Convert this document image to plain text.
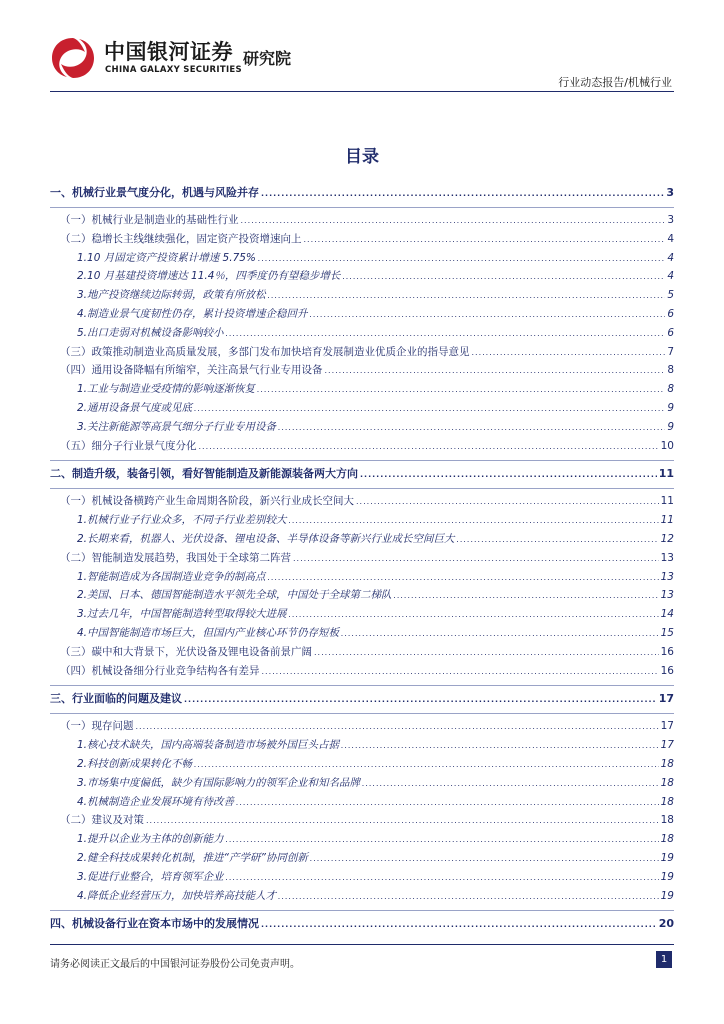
中国银河证券
CHINA GALAXY SECURITIES
研究院
行业动态报告/机械行业
目录
一、机械行业景气度分化，机遇与风险并存 .....	3
（一）机械行业是制造业的基础性行业 .....	3
（二）稳增长主线继续强化，固定资产投资增速向上 .....	4
1.10 月固定资产投资累计增速 5.75% .....	4
2.10 月基建投资增速达 11.4％，四季度仍有望稳步增长 .....	4
3.地产投资继续边际转弱，政策有所放松 .....	5
4.制造业景气度韧性仍存，累计投资增速企稳回升 .....	6
5.出口走弱对机械设备影响较小 .....	6
（三）政策推动制造业高质量发展，多部门发布加快培育发展制造业优质企业的指导意见 .....	7
（四）通用设备降幅有所缩窄，关注高景气行业专用设备 .....	8
1.工业与制造业受疫情的影响逐渐恢复 .....	8
2.通用设备景气度或见底 .....	9
3.关注新能源等高景气细分子行业专用设备 .....	9
（五）细分子行业景气度分化 .....	10
二、制造升级，装备引领，看好智能制造及新能源装备两大方向 .....	11
（一）机械设备横跨产业生命周期各阶段，新兴行业成长空间大 .....	11
1.机械行业子行业众多，不同子行业差别较大 .....	11
2.长期来看，机器人、光伏设备、锂电设备、半导体设备等新兴行业成长空间巨大 .....	12
（二）智能制造发展趋势，我国处于全球第二阵营 .....	13
1.智能制造成为各国制造业竞争的制高点 .....	13
2.美国、日本、德国智能制造水平领先全球，中国处于全球第二梯队 .....	13
3.过去几年，中国智能制造转型取得较大进展 .....	14
4.中国智能制造市场巨大，但国内产业核心环节仍存短板 .....	15
（三）碳中和大背景下，光伏设备及锂电设备前景广阔 .....	16
（四）机械设备细分行业竞争结构各有差异 .....	16
三、行业面临的问题及建议 .....	17
（一）现存问题 .....	17
1.核心技术缺失，国内高端装备制造市场被外国巨头占据 .....	17
2.科技创新成果转化不畅 .....	18
3.市场集中度偏低，缺少有国际影响力的领军企业和知名品牌 .....	18
4.机械制造企业发展环境有待改善 .....	18
（二）建议及对策 .....	18
1.提升以企业为主体的创新能力 .....	18
2.健全科技成果转化机制，推进“产学研”协同创新 .....	19
3.促进行业整合，培育领军企业 .....	19
4.降低企业经营压力，加快培养高技能人才 .....	19
四、机械设备行业在资本市场中的发展情况 .....	20
请务必阅读正文最后的中国银河证券股份公司免责声明。	1
